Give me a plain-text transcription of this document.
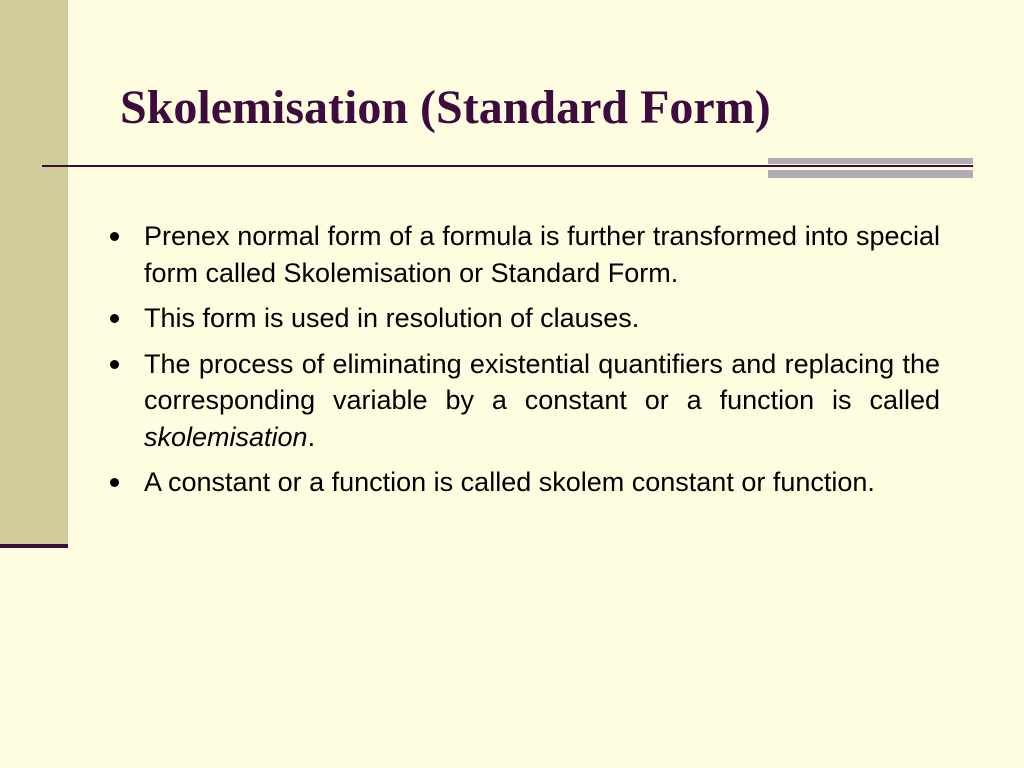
Skolemisation (Standard Form)
Prenex normal form of a formula is further transformed into special form called Skolemisation or Standard Form.
This form is used in resolution of clauses.
The process of eliminating existential quantifiers and replacing the corresponding variable by a constant or a function is called skolemisation.
A constant or a function is called skolem constant or function.
